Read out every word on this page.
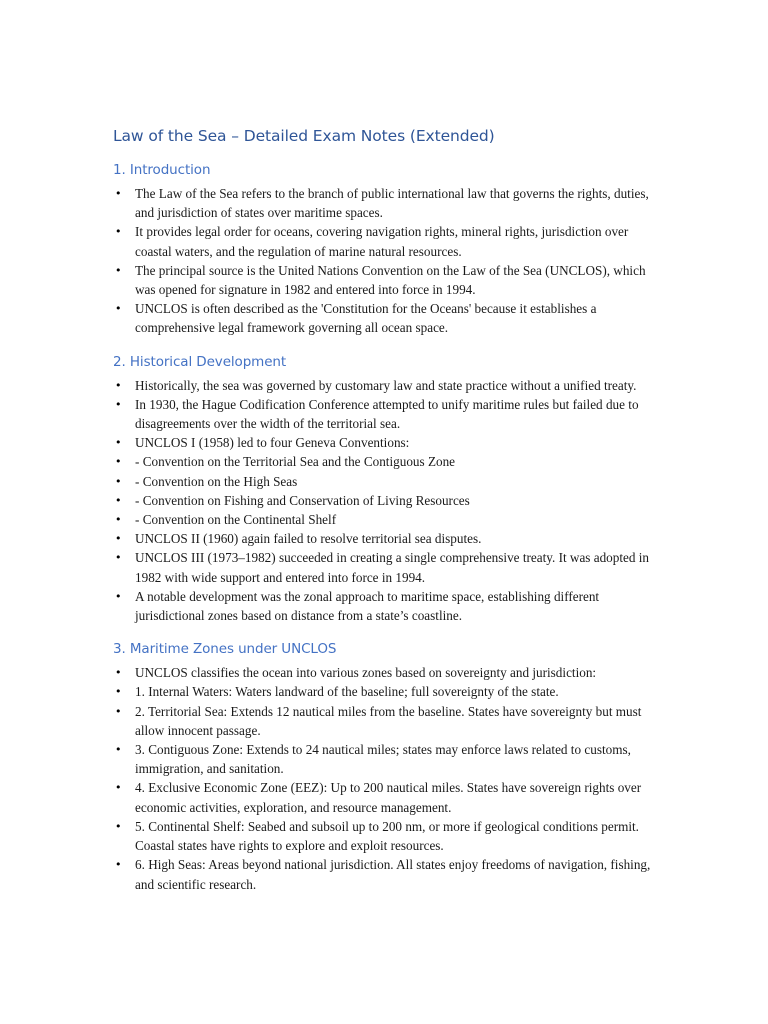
Law of the Sea – Detailed Exam Notes (Extended)
1. Introduction
• The Law of the Sea refers to the branch of public international law that governs the rights, duties, and jurisdiction of states over maritime spaces.
• It provides legal order for oceans, covering navigation rights, mineral rights, jurisdiction over coastal waters, and the regulation of marine natural resources.
• The principal source is the United Nations Convention on the Law of the Sea (UNCLOS), which was opened for signature in 1982 and entered into force in 1994.
• UNCLOS is often described as the 'Constitution for the Oceans' because it establishes a comprehensive legal framework governing all ocean space.
2. Historical Development
• Historically, the sea was governed by customary law and state practice without a unified treaty.
• In 1930, the Hague Codification Conference attempted to unify maritime rules but failed due to disagreements over the width of the territorial sea.
• UNCLOS I (1958) led to four Geneva Conventions:
• - Convention on the Territorial Sea and the Contiguous Zone
• - Convention on the High Seas
• - Convention on Fishing and Conservation of Living Resources
• - Convention on the Continental Shelf
• UNCLOS II (1960) again failed to resolve territorial sea disputes.
• UNCLOS III (1973–1982) succeeded in creating a single comprehensive treaty. It was adopted in 1982 with wide support and entered into force in 1994.
• A notable development was the zonal approach to maritime space, establishing different jurisdictional zones based on distance from a state’s coastline.
3. Maritime Zones under UNCLOS
• UNCLOS classifies the ocean into various zones based on sovereignty and jurisdiction:
• 1. Internal Waters: Waters landward of the baseline; full sovereignty of the state.
• 2. Territorial Sea: Extends 12 nautical miles from the baseline. States have sovereignty but must allow innocent passage.
• 3. Contiguous Zone: Extends to 24 nautical miles; states may enforce laws related to customs, immigration, and sanitation.
• 4. Exclusive Economic Zone (EEZ): Up to 200 nautical miles. States have sovereign rights over economic activities, exploration, and resource management.
• 5. Continental Shelf: Seabed and subsoil up to 200 nm, or more if geological conditions permit. Coastal states have rights to explore and exploit resources.
• 6. High Seas: Areas beyond national jurisdiction. All states enjoy freedoms of navigation, fishing, and scientific research.
